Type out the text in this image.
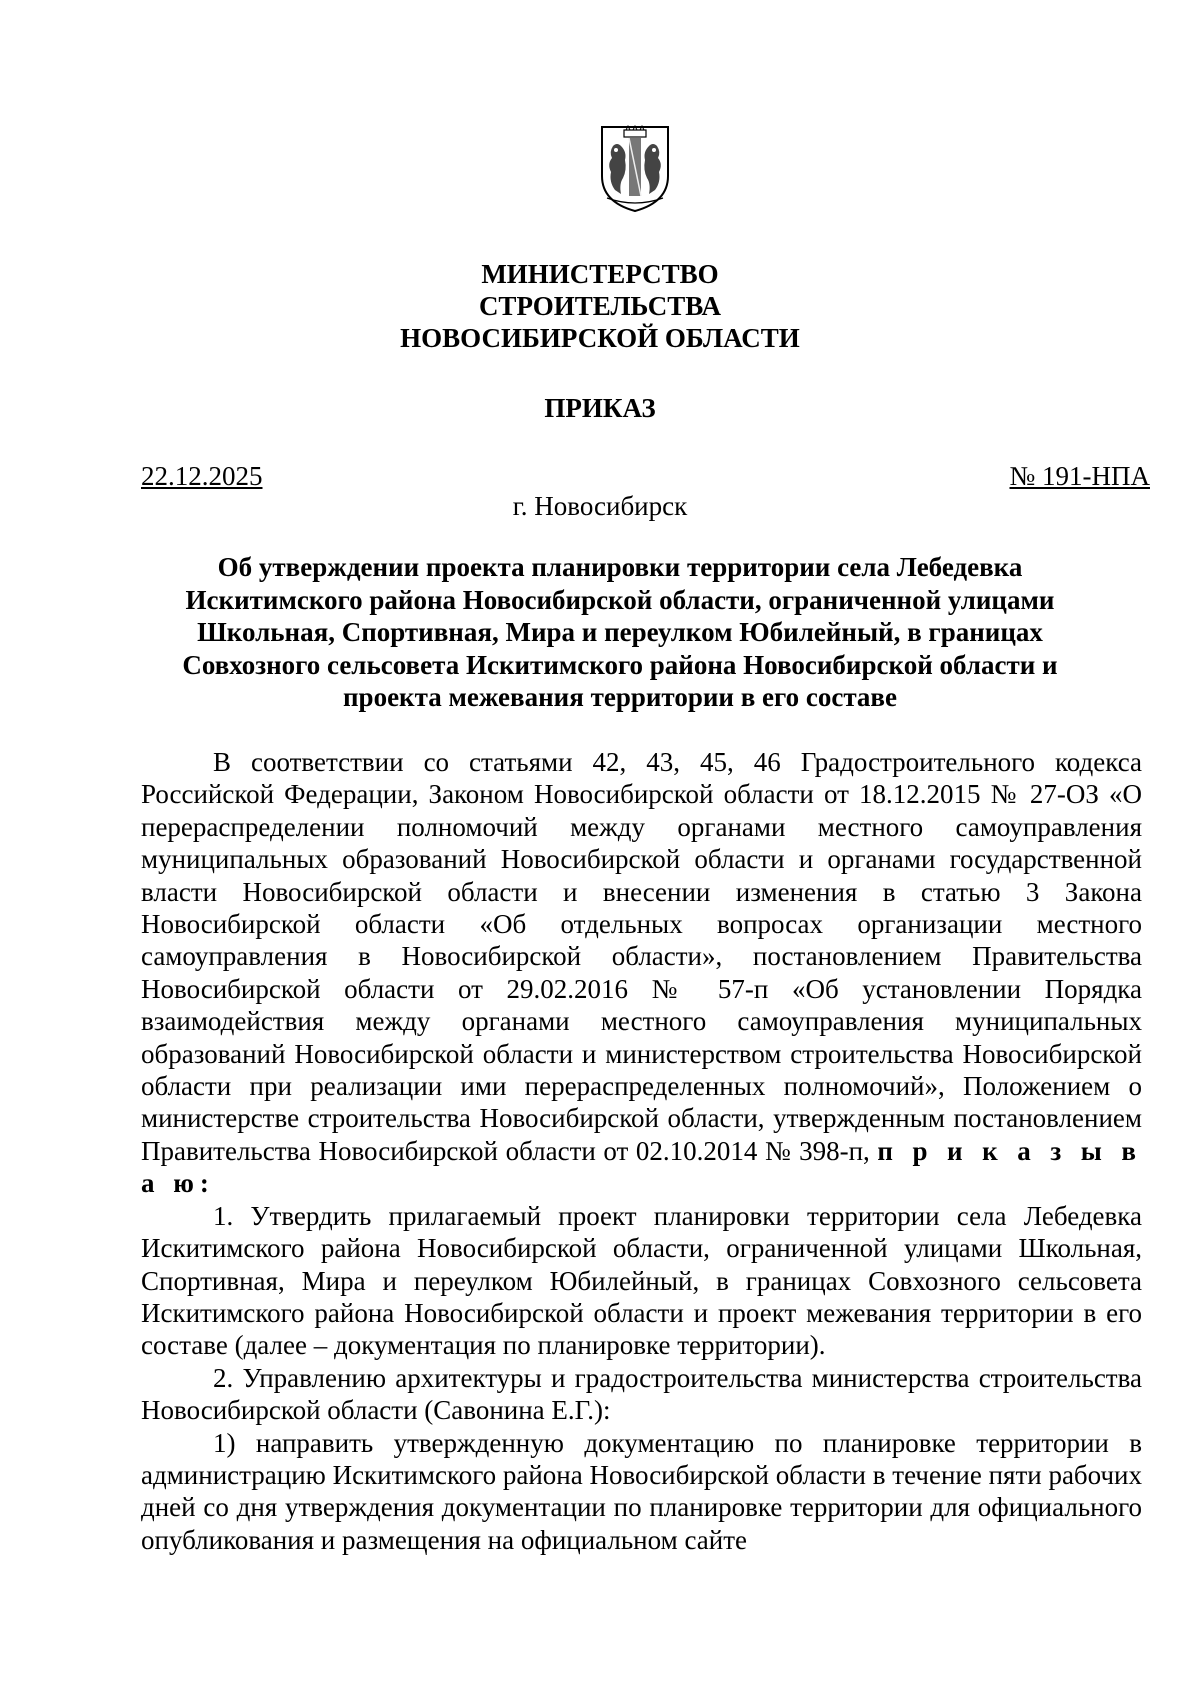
МИНИСТЕРСТВО
СТРОИТЕЛЬСТВА
НОВОСИБИРСКОЙ ОБЛАСТИ
ПРИКАЗ
22.12.2025	№ 191-НПА
г. Новосибирск
Об утверждении проекта планировки территории села Лебедевка Искитимского района Новосибирской области, ограниченной улицами Школьная, Спортивная, Мира и переулком Юбилейный, в границах Совхозного сельсовета Искитимского района Новосибирской области и проекта межевания территории в его составе

В соответствии со статьями 42, 43, 45, 46 Градостроительного кодекса Российской Федерации, Законом Новосибирской области от 18.12.2015 № 27-ОЗ «О перераспределении полномочий между органами местного самоуправления муниципальных образований Новосибирской области и органами государственной власти Новосибирской области и внесении изменения в статью 3 Закона Новосибирской области «Об отдельных вопросах организации местного самоуправления в Новосибирской области», постановлением Правительства Новосибирской области от 29.02.2016 № 57-п «Об установлении Порядка взаимодействия между органами местного самоуправления муниципальных образований Новосибирской области и министерством строительства Новосибирской области при реализации ими перераспределенных полномочий», Положением о министерстве строительства Новосибирской области, утвержденным постановлением Правительства Новосибирской области от 02.10.2014 № 398-п, п р и к а з ы в а ю:

1. Утвердить прилагаемый проект планировки территории села Лебедевка Искитимского района Новосибирской области, ограниченной улицами Школьная, Спортивная, Мира и переулком Юбилейный, в границах Совхозного сельсовета Искитимского района Новосибирской области и проект межевания территории в его составе (далее – документация по планировке территории).

2. Управлению архитектуры и градостроительства министерства строительства Новосибирской области (Савонина Е.Г.):

1) направить утвержденную документацию по планировке территории в администрацию Искитимского района Новосибирской области в течение пяти рабочих дней со дня утверждения документации по планировке территории для официального опубликования и размещения на официальном сайте
